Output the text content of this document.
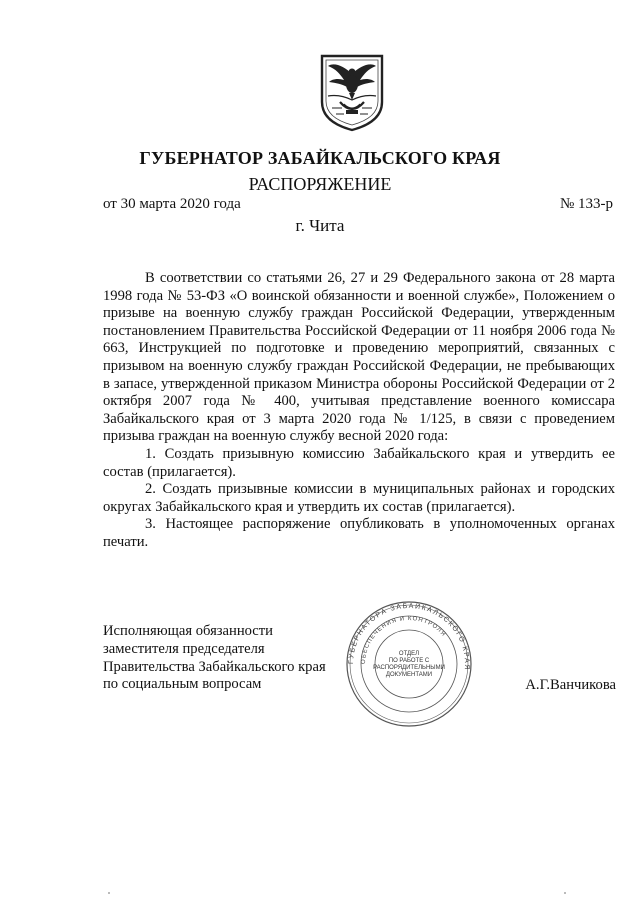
ГУБЕРНАТОР ЗАБАЙКАЛЬСКОГО КРАЯ
РАСПОРЯЖЕНИЕ
от 30 марта 2020 года	№ 133-р
г. Чита

В соответствии со статьями 26, 27 и 29 Федерального закона от 28 марта 1998 года № 53-ФЗ «О воинской обязанности и военной службе», Положением о призыве на военную службу граждан Российской Федерации, утвержденным постановлением Правительства Российской Федерации от 11 ноября 2006 года № 663, Инструкцией по подготовке и проведению мероприятий, связанных с призывом на военную службу граждан Российской Федерации, не пребывающих в запасе, утвержденной приказом Министра обороны Российской Федерации от 2 октября 2007 года № 400, учитывая представление военного комиссара Забайкальского края от 3 марта 2020 года № 1/125, в связи с проведением призыва граждан на военную службу весной 2020 года:

1. Создать призывную комиссию Забайкальского края и утвердить ее состав (прилагается).

2. Создать призывные комиссии в муниципальных районах и городских округах Забайкальского края и утвердить их состав (прилагается).

3. Настоящее распоряжение опубликовать в уполномоченных органах печати.

Исполняющая обязанности
заместителя председателя
Правительства Забайкальского края
по социальным вопросам
ГУБЕРНАТОРА ЗАБАЙКАЛЬСКОГО КРАЯ
ОБЕСПЕЧЕНИЯ И КОНТРОЛЯ
ОТДЕЛ
ПО РАБОТЕ С
РАСПОРЯДИТЕЛЬНЫМИ
ДОКУМЕНТАМИ
А.Г.Ванчикова
